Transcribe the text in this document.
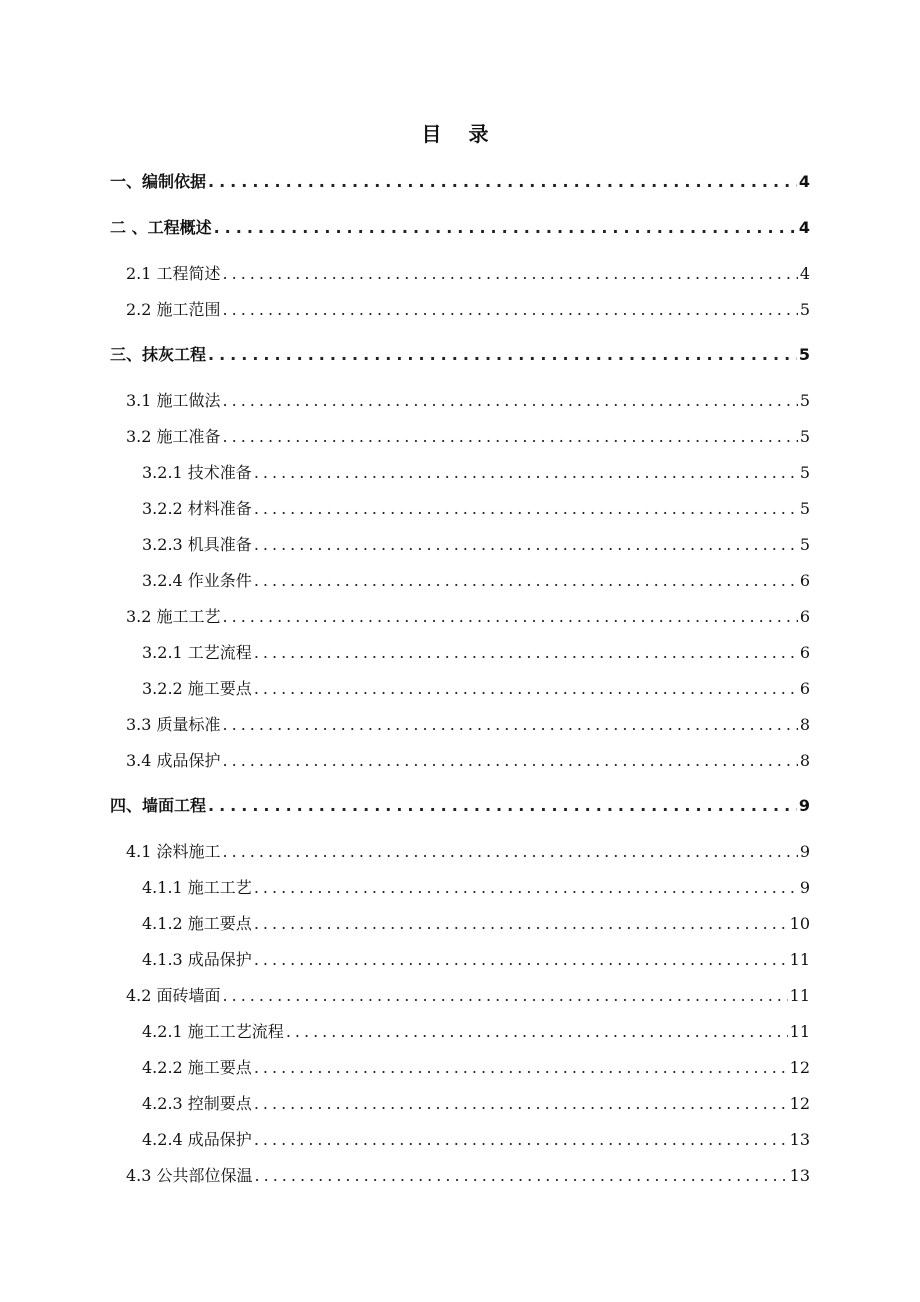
目 录
一、编制依据 .....	4
二 、工程概述 .....	4
2.1 工程简述 .....	4
2.2 施工范围 .....	5
三、抹灰工程 .....	5
3.1 施工做法 .....	5
3.2 施工准备 .....	5
3.2.1 技术准备 .....	5
3.2.2 材料准备 .....	5
3.2.3 机具准备 .....	5
3.2.4 作业条件 .....	6
3.2 施工工艺 .....	6
3.2.1 工艺流程 .....	6
3.2.2 施工要点 .....	6
3.3 质量标准 .....	8
3.4 成品保护 .....	8
四、墙面工程 .....	9
4.1 涂料施工 .....	9
4.1.1 施工工艺 .....	9
4.1.2 施工要点 .....	10
4.1.3 成品保护 .....	11
4.2 面砖墙面 .....	11
4.2.1 施工工艺流程 .....	11
4.2.2 施工要点 .....	12
4.2.3 控制要点 .....	12
4.2.4 成品保护 .....	13
4.3 公共部位保温 .....	13
